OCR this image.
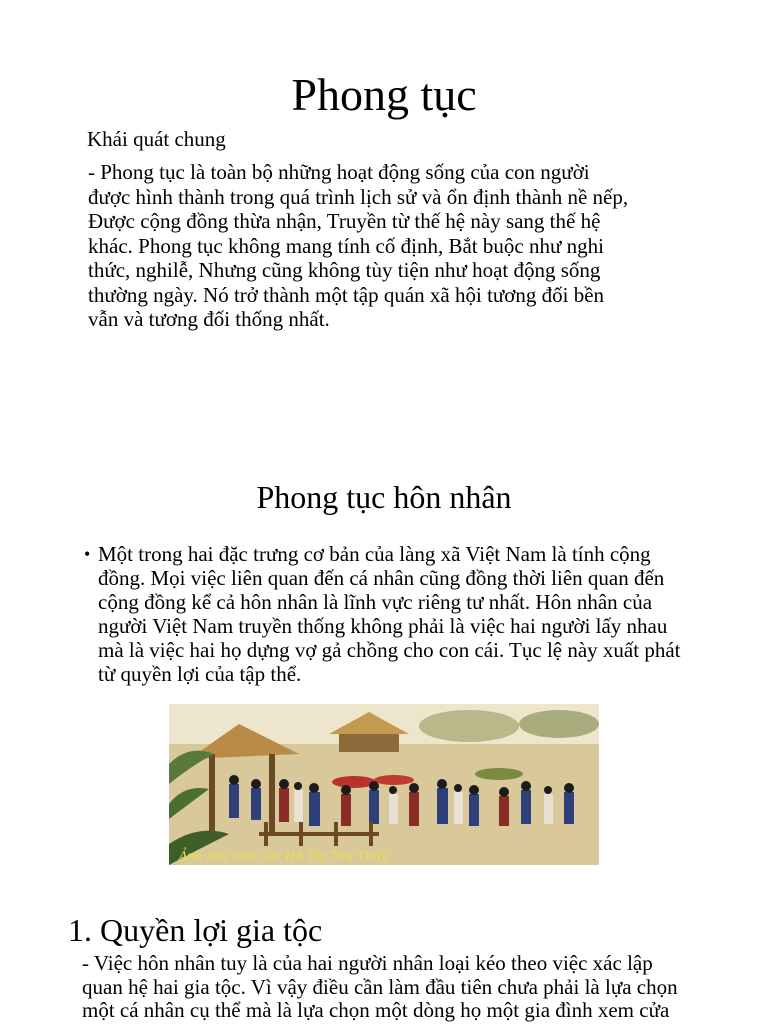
Phong tục
Khái quát chung
- Phong tục là toàn bộ những hoạt động sống của con người
được hình thành trong quá trình lịch sử và ổn định thành nề nếp,
Được cộng đồng thừa nhận, Truyền từ thế hệ này sang thế hệ
khác. Phong tục không mang tính cố định, Bắt buộc như nghi
thức, nghilễ, Nhưng cũng không tùy tiện như hoạt động sống
thường ngày. Nó trở thành một tập quán xã hội tương đối bền
vẫn và tương đối thống nhất.
Phong tục hôn nhân
• Một trong hai đặc trưng cơ bản của làng xã Việt Nam là tính cộng
đồng. Mọi việc liên quan đến cá nhân cũng đồng thời liên quan đến
cộng đồng kể cả hôn nhân là lĩnh vực riêng tư nhất. Hôn nhân của
người Việt Nam truyền thống không phải là việc hai người lấy nhau
mà là việc hai họ dựng vợ gả chồng cho con cái. Tục lệ này xuất phát
từ quyền lợi của tập thể.
Ảnh sưu tầm của Hà Thị Thu Thủy
1. Quyền lợi gia tộc
- Việc hôn nhân tuy là của hai người nhân loại kéo theo việc xác lập
quan hệ hai gia tộc. Vì vậy điều cần làm đầu tiên chưa phải là lựa chọn
một cá nhân cụ thể mà là lựa chọn một dòng họ một gia đình xem cửa
